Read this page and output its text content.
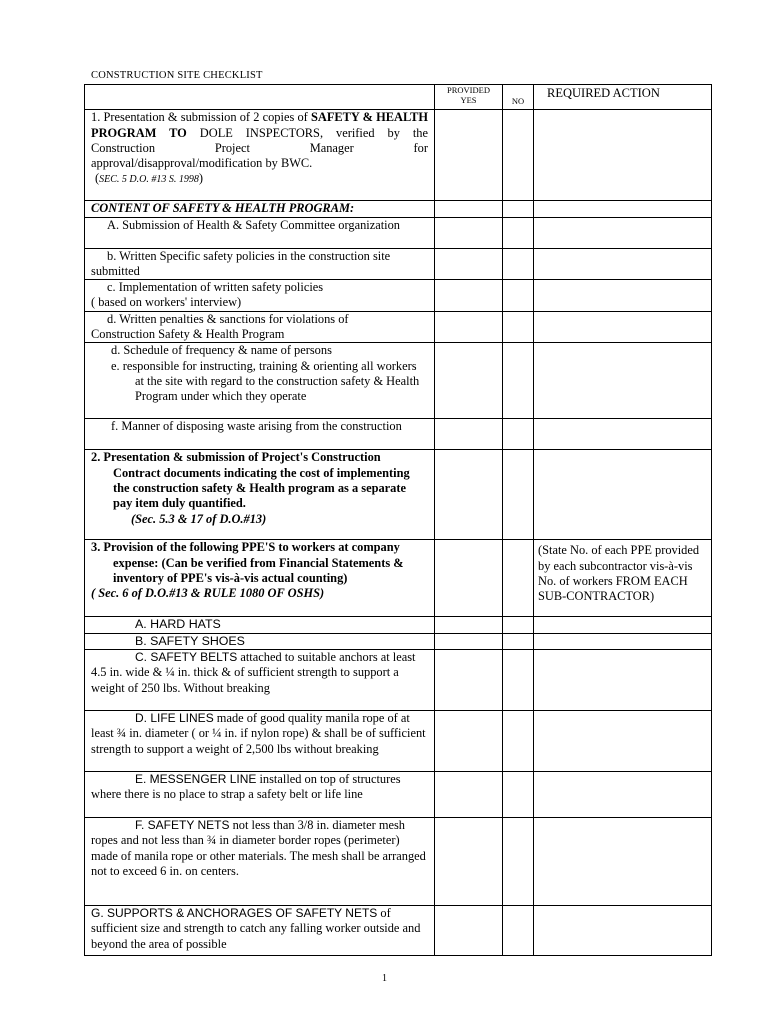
CONSTRUCTION SITE CHECKLIST

	PROVIDED
YES	NO	REQUIRED ACTION

1. Presentation & submission of 2 copies of SAFETY & HEALTH PROGRAM TO DOLE INSPECTORS, verified by the Construction Project Manager for approval/disapproval/modification by BWC.
(SEC. 5 D.O. #13 S. 1998)			

CONTENT OF SAFETY & HEALTH PROGRAM:			

A. Submission of Health & Safety Committee organization			

b. Written Specific safety policies in the construction site submitted			

c. Implementation of written safety policies
( based on workers' interview)			

d. Written penalties & sanctions for violations of
Construction Safety & Health Program			

d. Schedule of frequency & name of persons
e. responsible for instructing, training & orienting all workers at the site with regard to the construction safety & Health Program under which they operate			

f. Manner of disposing waste arising from the construction			

2. Presentation & submission of Project's Construction Contract documents indicating the cost of implementing the construction safety & Health program as a separate pay item duly quantified.
(Sec. 5.3 & 17 of D.O.#13)			

3. Provision of the following PPE'S to workers at company expense: (Can be verified from Financial Statements & inventory of PPE's vis-à-vis actual counting)
( Sec. 6 of D.O.#13 & RULE 1080 OF OSHS)			(State No. of each PPE provided by each subcontractor vis-à-vis No. of workers FROM EACH SUB-CONTRACTOR)
A. HARD HATS			
B. SAFETY SHOES			

C. SAFETY BELTS attached to suitable anchors at least 4.5 in. wide & ¼ in. thick & of sufficient strength to support a weight of 250 lbs. Without breaking			

D. LIFE LINES made of good quality manila rope of at least ¾ in. diameter ( or ¼ in. if nylon rope) & shall be of sufficient strength to support a weight of 2,500 lbs without breaking			

E. MESSENGER LINE installed on top of structures where there is no place to strap a safety belt or life line			

F. SAFETY NETS not less than 3/8 in. diameter mesh ropes and not less than ¾ in diameter border ropes (perimeter) made of manila rope or other materials. The mesh shall be arranged not to exceed 6 in. on centers.			

G. SUPPORTS & ANCHORAGES OF SAFETY NETS of sufficient size and strength to catch any falling worker outside and beyond the area of possible			

1
